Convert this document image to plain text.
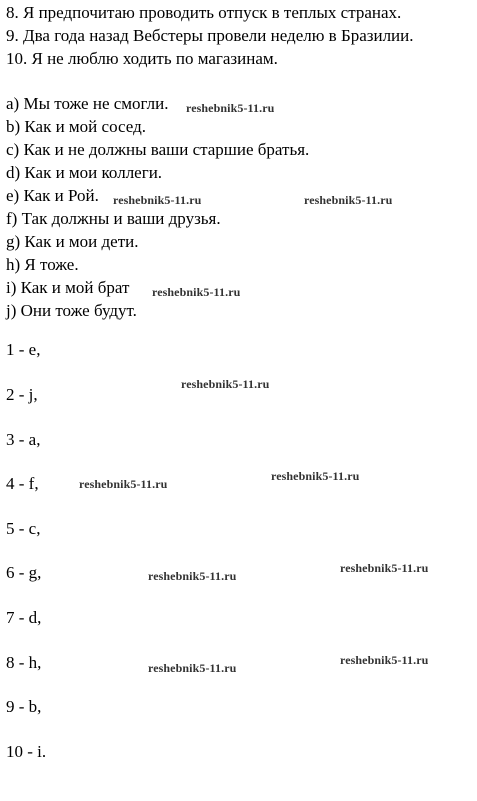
8. Я предпочитаю проводить отпуск в теплых странах.
9. Два года назад Вебстеры провели неделю в Бразилии.
10. Я не люблю ходить по магазинам.
a) Мы тоже не смогли.
b) Как и мой сосед.
c) Как и не должны ваши старшие братья.
d) Как и мои коллеги.
e) Как и Рой.
f) Так должны и ваши друзья.
g) Как и мои дети.
h) Я тоже.
i) Как и мой брат
j) Они тоже будут.
1 - e,
2 - j,
3 - a,
4 - f,
5 - c,
6 - g,
7 - d,
8 - h,
9 - b,
10 - i.
reshebnik5-11.ru
reshebnik5-11.ru	reshebnik5-11.ru
reshebnik5-11.ru
reshebnik5-11.ru
reshebnik5-11.ru
reshebnik5-11.ru
reshebnik5-11.ru
reshebnik5-11.ru
reshebnik5-11.ru
reshebnik5-11.ru
